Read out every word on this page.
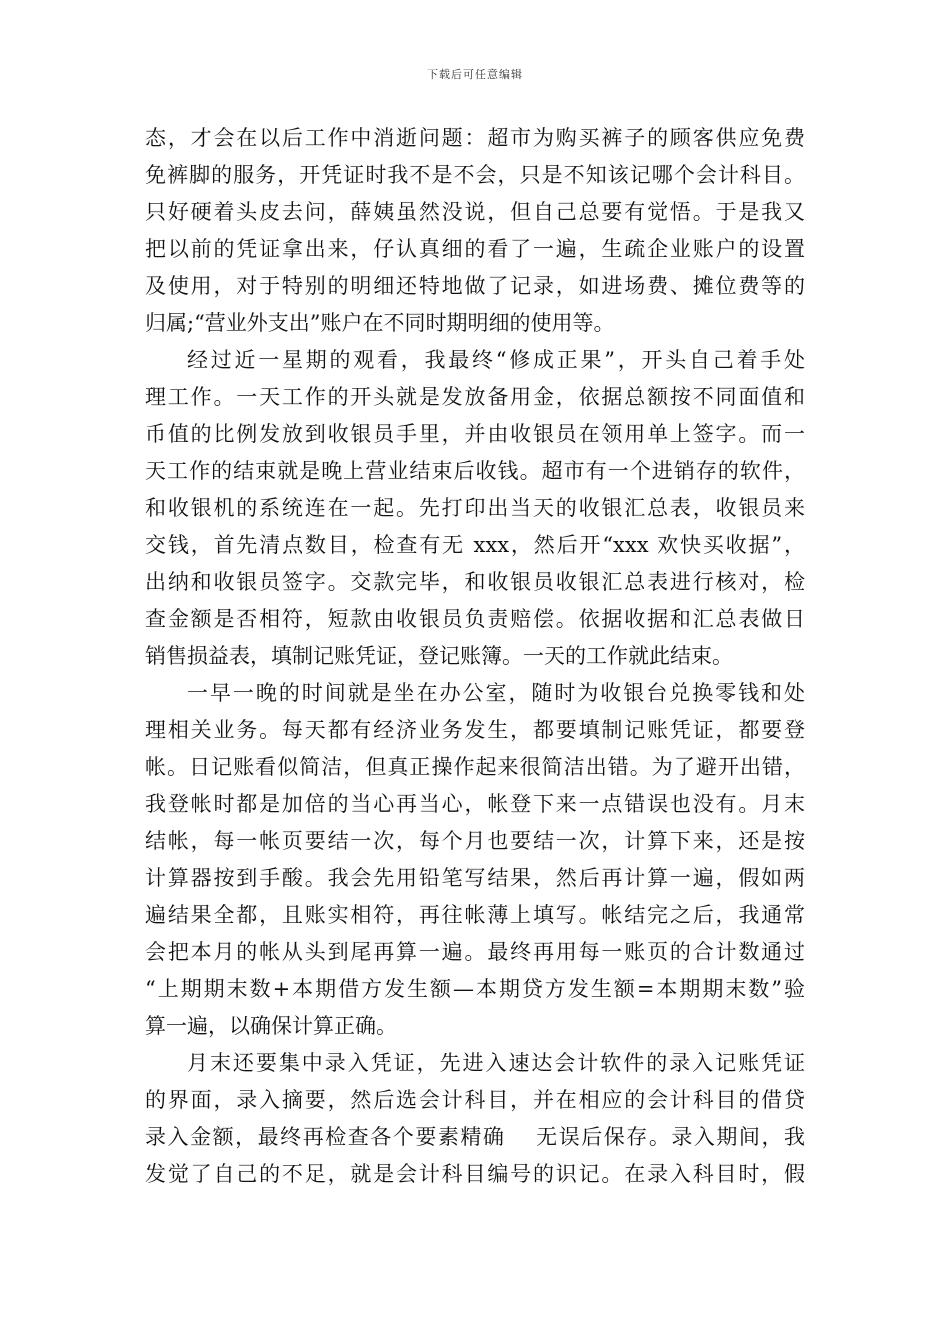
下载后可任意编辑
态，才会在以后工作中消逝问题：超市为购买裤子的顾客供应免费
免裤脚的服务，开凭证时我不是不会，只是不知该记哪个会计科目。
只好硬着头皮去问，薛姨虽然没说，但自己总要有觉悟。于是我又
把以前的凭证拿出来，仔认真细的看了一遍，生疏企业账户的设置
及使用，对于特别的明细还特地做了记录，如进场费、摊位费等的
归属;“营业外支出”账户在不同时期明细的使用等。
经过近一星期的观看，我最终“修成正果”，开头自己着手处
理工作。一天工作的开头就是发放备用金，依据总额按不同面值和
币值的比例发放到收银员手里，并由收银员在领用单上签字。而一
天工作的结束就是晚上营业结束后收钱。超市有一个进销存的软件，
和收银机的系统连在一起。先打印出当天的收银汇总表，收银员来
交钱，首先清点数目，检查有无 xxx，然后开“xxx 欢快买收据”，
出纳和收银员签字。交款完毕，和收银员收银汇总表进行核对，检
查金额是否相符，短款由收银员负责赔偿。依据收据和汇总表做日
销售损益表，填制记账凭证，登记账簿。一天的工作就此结束。
一早一晚的时间就是坐在办公室，随时为收银台兑换零钱和处
理相关业务。每天都有经济业务发生，都要填制记账凭证，都要登
帐。日记账看似简洁，但真正操作起来很简洁出错。为了避开出错，
我登帐时都是加倍的当心再当心，帐登下来一点错误也没有。月末
结帐，每一帐页要结一次，每个月也要结一次，计算下来，还是按
计算器按到手酸。我会先用铅笔写结果，然后再计算一遍，假如两
遍结果全都，且账实相符，再往帐薄上填写。帐结完之后，我通常
会把本月的帐从头到尾再算一遍。最终再用每一账页的合计数通过
“上期期末数+本期借方发生额—本期贷方发生额=本期期末数”验
算一遍，以确保计算正确。
月末还要集中录入凭证，先进入速达会计软件的录入记账凭证
的界面，录入摘要，然后选会计科目，并在相应的会计科目的借贷
录入金额，最终再检查各个要素精确　 无误后保存。录入期间，我
发觉了自己的不足，就是会计科目编号的识记。在录入科目时，假
